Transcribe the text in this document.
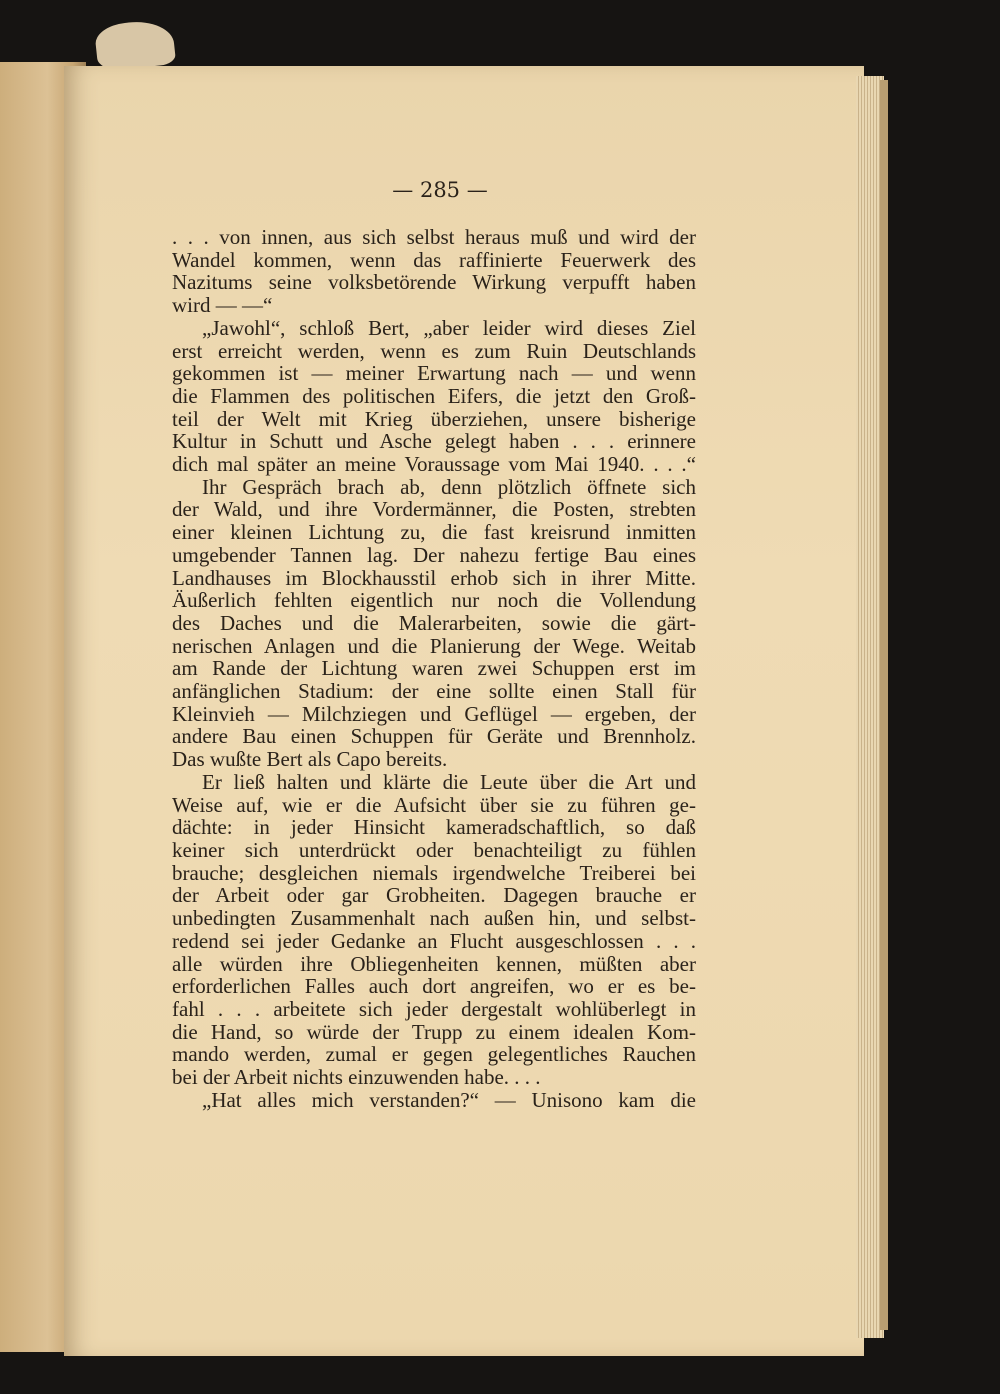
— 285 —

. . . von innen, aus sich selbst heraus muß und wird der
Wandel kommen, wenn das raffinierte Feuerwerk des
Nazitums seine volksbetörende Wirkung verpufft haben
wird — —“
„Jawohl“, schloß Bert, „aber leider wird dieses Ziel
erst erreicht werden, wenn es zum Ruin Deutschlands
gekommen ist — meiner Erwartung nach — und wenn
die Flammen des politischen Eifers, die jetzt den Groß-
teil der Welt mit Krieg überziehen, unsere bisherige
Kultur in Schutt und Asche gelegt haben . . . erinnere
dich mal später an meine Voraussage vom Mai 1940. . . .“
Ihr Gespräch brach ab, denn plötzlich öffnete sich
der Wald, und ihre Vordermänner, die Posten, strebten
einer kleinen Lichtung zu, die fast kreisrund inmitten
umgebender Tannen lag. Der nahezu fertige Bau eines
Landhauses im Blockhausstil erhob sich in ihrer Mitte.
Äußerlich fehlten eigentlich nur noch die Vollendung
des Daches und die Malerarbeiten, sowie die gärt-
nerischen Anlagen und die Planierung der Wege. Weitab
am Rande der Lichtung waren zwei Schuppen erst im
anfänglichen Stadium: der eine sollte einen Stall für
Kleinvieh — Milchziegen und Geflügel — ergeben, der
andere Bau einen Schuppen für Geräte und Brennholz.
Das wußte Bert als Capo bereits.
Er ließ halten und klärte die Leute über die Art und
Weise auf, wie er die Aufsicht über sie zu führen ge-
dächte: in jeder Hinsicht kameradschaftlich, so daß
keiner sich unterdrückt oder benachteiligt zu fühlen
brauche; desgleichen niemals irgendwelche Treiberei bei
der Arbeit oder gar Grobheiten. Dagegen brauche er
unbedingten Zusammenhalt nach außen hin, und selbst-
redend sei jeder Gedanke an Flucht ausgeschlossen . . .
alle würden ihre Obliegenheiten kennen, müßten aber
erforderlichen Falles auch dort angreifen, wo er es be-
fahl . . . arbeitete sich jeder dergestalt wohlüberlegt in
die Hand, so würde der Trupp zu einem idealen Kom-
mando werden, zumal er gegen gelegentliches Rauchen
bei der Arbeit nichts einzuwenden habe. . . .
„Hat alles mich verstanden?“ — Unisono kam die
